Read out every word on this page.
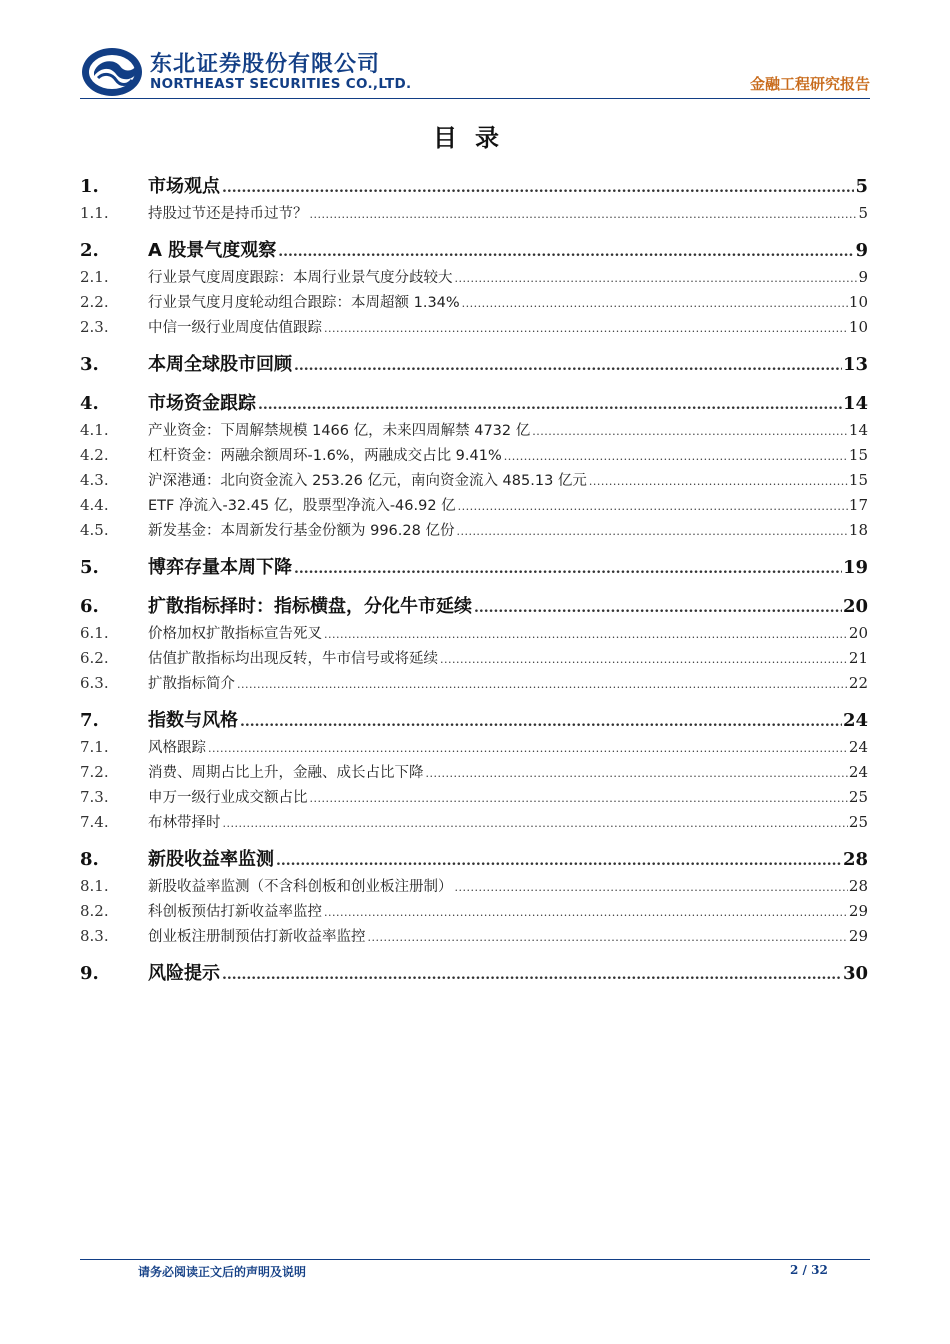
东北证券股份有限公司
NORTHEAST SECURITIES CO.,LTD.	金融工程研究报告
目录
1.	市场观点 .....	5
1.1.	持股过节还是持币过节？ .....	5
2.	A 股景气度观察 .....	9
2.1.	行业景气度周度跟踪：本周行业景气度分歧较大 .....	9
2.2.	行业景气度月度轮动组合跟踪：本周超额 1.34% .....	10
2.3.	中信一级行业周度估值跟踪 .....	10
3.	本周全球股市回顾 .....	13
4.	市场资金跟踪 .....	14
4.1.	产业资金：下周解禁规模 1466 亿，未来四周解禁 4732 亿 .....	14
4.2.	杠杆资金：两融余额周环-1.6%，两融成交占比 9.41% .....	15
4.3.	沪深港通：北向资金流入 253.26 亿元，南向资金流入 485.13 亿元 .....	15
4.4.	ETF 净流入-32.45 亿，股票型净流入-46.92 亿 .....	17
4.5.	新发基金：本周新发行基金份额为 996.28 亿份 .....	18
5.	博弈存量本周下降 .....	19
6.	扩散指标择时：指标横盘，分化牛市延续 .....	20
6.1.	价格加权扩散指标宣告死叉 .....	20
6.2.	估值扩散指标均出现反转，牛市信号或将延续 .....	21
6.3.	扩散指标简介 .....	22
7.	指数与风格 .....	24
7.1.	风格跟踪 .....	24
7.2.	消费、周期占比上升，金融、成长占比下降 .....	24
7.3.	申万一级行业成交额占比 .....	25
7.4.	布林带择时 .....	25
8.	新股收益率监测 .....	28
8.1.	新股收益率监测（不含科创板和创业板注册制） .....	28
8.2.	科创板预估打新收益率监控 .....	29
8.3.	创业板注册制预估打新收益率监控 .....	29
9.	风险提示 .....	30
请务必阅读正文后的声明及说明	2 / 32
